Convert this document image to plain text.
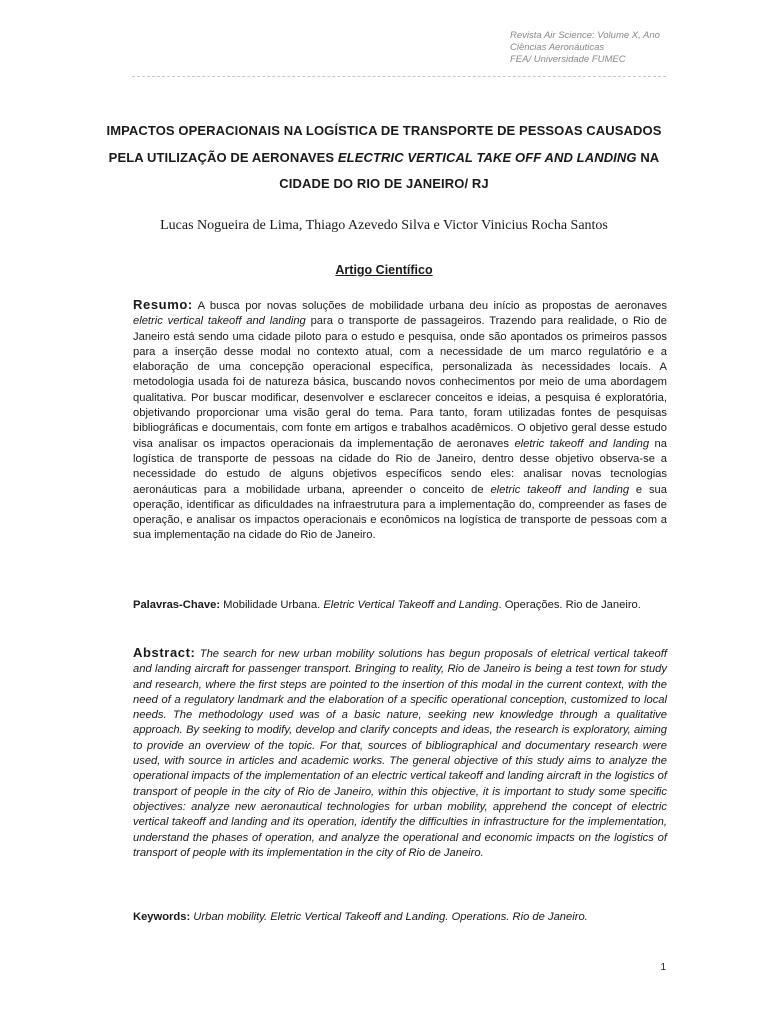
Revista Air Science: Volume X, Ano
Ciências Aeronáuticas
FEA/ Universidade FUMEC
IMPACTOS OPERACIONAIS NA LOGÍSTICA DE TRANSPORTE DE PESSOAS CAUSADOS PELA UTILIZAÇÃO DE AERONAVES ELECTRIC VERTICAL TAKE OFF AND LANDING NA CIDADE DO RIO DE JANEIRO/ RJ
Lucas Nogueira de Lima, Thiago Azevedo Silva e Victor Vinicius Rocha Santos
Artigo Científico
Resumo: A busca por novas soluções de mobilidade urbana deu início as propostas de aeronaves eletric vertical takeoff and landing para o transporte de passageiros. Trazendo para realidade, o Rio de Janeiro está sendo uma cidade piloto para o estudo e pesquisa, onde são apontados os primeiros passos para a inserção desse modal no contexto atual, com a necessidade de um marco regulatório e a elaboração de uma concepção operacional específica, personalizada às necessidades locais. A metodologia usada foi de natureza básica, buscando novos conhecimentos por meio de uma abordagem qualitativa. Por buscar modificar, desenvolver e esclarecer conceitos e ideias, a pesquisa é exploratória, objetivando proporcionar uma visão geral do tema. Para tanto, foram utilizadas fontes de pesquisas bibliográficas e documentais, com fonte em artigos e trabalhos acadêmicos. O objetivo geral desse estudo visa analisar os impactos operacionais da implementação de aeronaves eletric takeoff and landing na logística de transporte de pessoas na cidade do Rio de Janeiro, dentro desse objetivo observa-se a necessidade do estudo de alguns objetivos específicos sendo eles: analisar novas tecnologias aeronáuticas para a mobilidade urbana, apreender o conceito de eletric takeoff and landing e sua operação, identificar as dificuldades na infraestrutura para a implementação do, compreender as fases de operação, e analisar os impactos operacionais e econômicos na logística de transporte de pessoas com a sua implementação na cidade do Rio de Janeiro.
Palavras-Chave: Mobilidade Urbana. Eletric Vertical Takeoff and Landing. Operações. Rio de Janeiro.
Abstract: The search for new urban mobility solutions has begun proposals of eletrical vertical takeoff and landing aircraft for passenger transport. Bringing to reality, Rio de Janeiro is being a test town for study and research, where the first steps are pointed to the insertion of this modal in the current context, with the need of a regulatory landmark and the elaboration of a specific operational conception, customized to local needs. The methodology used was of a basic nature, seeking new knowledge through a qualitative approach. By seeking to modify, develop and clarify concepts and ideas, the research is exploratory, aiming to provide an overview of the topic. For that, sources of bibliographical and documentary research were used, with source in articles and academic works. The general objective of this study aims to analyze the operational impacts of the implementation of an electric vertical takeoff and landing aircraft in the logistics of transport of people in the city of Rio de Janeiro, within this objective, it is important to study some specific objectives: analyze new aeronautical technologies for urban mobility, apprehend the concept of electric vertical takeoff and landing and its operation, identify the difficulties in infrastructure for the implementation, understand the phases of operation, and analyze the operational and economic impacts on the logistics of transport of people with its implementation in the city of Rio de Janeiro.
Keywords: Urban mobility. Eletric Vertical Takeoff and Landing. Operations. Rio de Janeiro.
1
